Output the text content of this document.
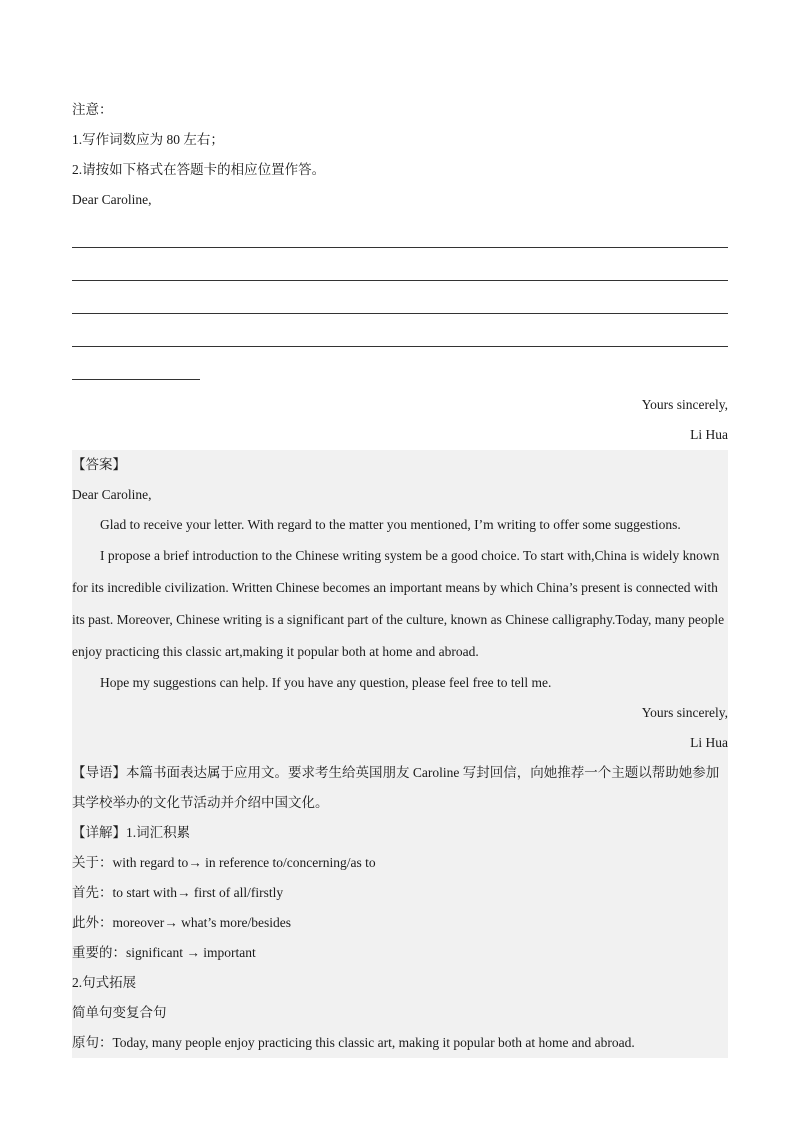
注意：
1.写作词数应为 80 左右；
2.请按如下格式在答题卡的相应位置作答。
Dear Caroline,
Yours sincerely,
Li Hua
【答案】
Dear Caroline,
Glad to receive your letter. With regard to the matter you mentioned, I’m writing to offer some suggestions.
I propose a brief introduction to the Chinese writing system be a good choice. To start with,China is widely known for its incredible civilization. Written Chinese becomes an important means by which China’s present is connected with its past. Moreover, Chinese writing is a significant part of the culture, known as Chinese calligraphy.Today, many people enjoy practicing this classic art,making it popular both at home and abroad.
Hope my suggestions can help. If you have any question, please feel free to tell me.
Yours sincerely,
Li Hua
【导语】本篇书面表达属于应用文。要求考生给英国朋友 Caroline 写封回信，向她推荐一个主题以帮助她参加其学校举办的文化节活动并介绍中国文化。
【详解】1.词汇积累
关于：with regard to→ in reference to/concerning/as to
首先：to start with→ first of all/firstly
此外：moreover→ what’s more/besides
重要的：significant → important
2.句式拓展
简单句变复合句
原句：Today, many people enjoy practicing this classic art, making it popular both at home and abroad.
